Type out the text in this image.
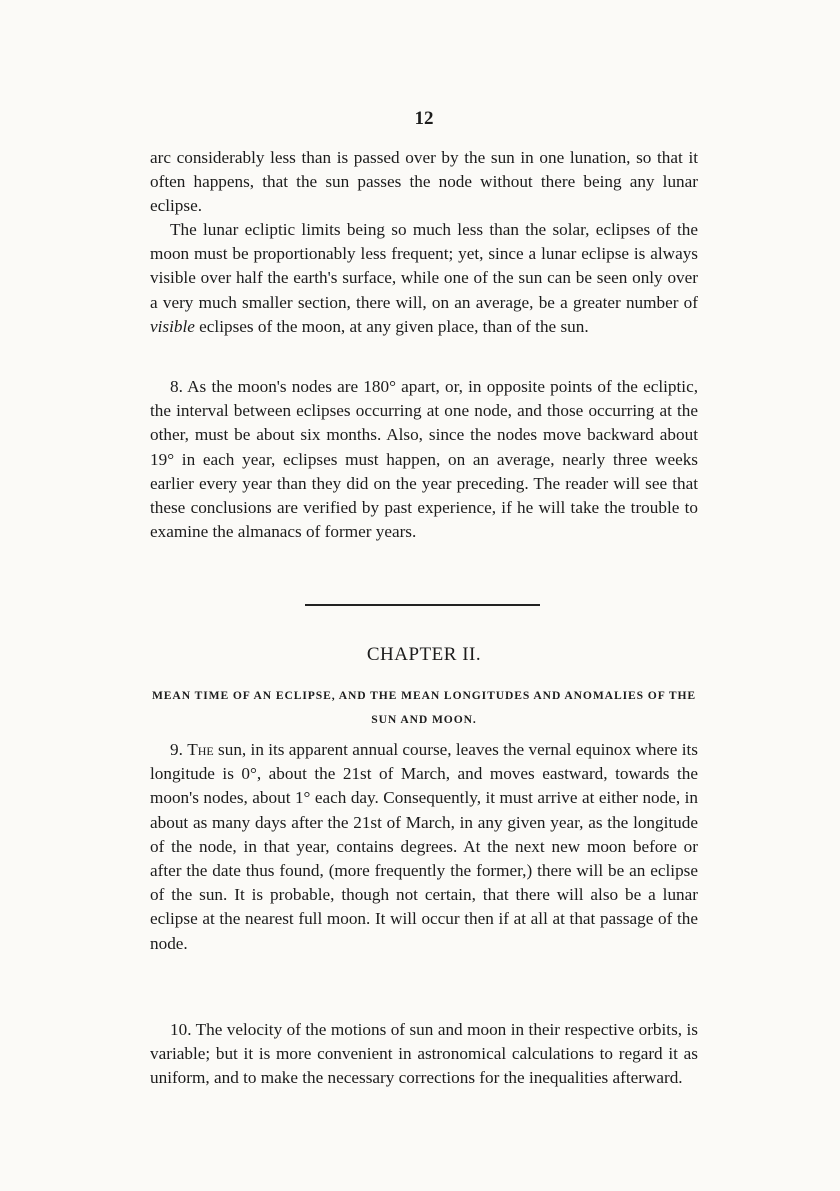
12

arc considerably less than is passed over by the sun in one lunation, so that it often happens, that the sun passes the node without there being any lunar eclipse.

The lunar ecliptic limits being so much less than the solar, eclipses of the moon must be proportionably less frequent; yet, since a lunar eclipse is always visible over half the earth's surface, while one of the sun can be seen only over a very much smaller section, there will, on an average, be a greater number of visible eclipses of the moon, at any given place, than of the sun.

8. As the moon's nodes are 180° apart, or, in opposite points of the ecliptic, the interval between eclipses occurring at one node, and those occurring at the other, must be about six months. Also, since the nodes move backward about 19° in each year, eclipses must happen, on an average, nearly three weeks earlier every year than they did on the year preceding. The reader will see that these conclusions are verified by past experience, if he will take the trouble to examine the almanacs of former years.

CHAPTER II.

MEAN TIME OF AN ECLIPSE, AND THE MEAN LONGITUDES AND ANOMALIES OF THE SUN AND MOON.

9. The sun, in its apparent annual course, leaves the vernal equinox where its longitude is 0°, about the 21st of March, and moves eastward, towards the moon's nodes, about 1° each day. Consequently, it must arrive at either node, in about as many days after the 21st of March, in any given year, as the longitude of the node, in that year, contains degrees. At the next new moon before or after the date thus found, (more frequently the former,) there will be an eclipse of the sun. It is probable, though not certain, that there will also be a lunar eclipse at the nearest full moon. It will occur then if at all at that passage of the node.

10. The velocity of the motions of sun and moon in their respective orbits, is variable; but it is more convenient in astronomical calculations to regard it as uniform, and to make the necessary corrections for the inequalities afterward.
